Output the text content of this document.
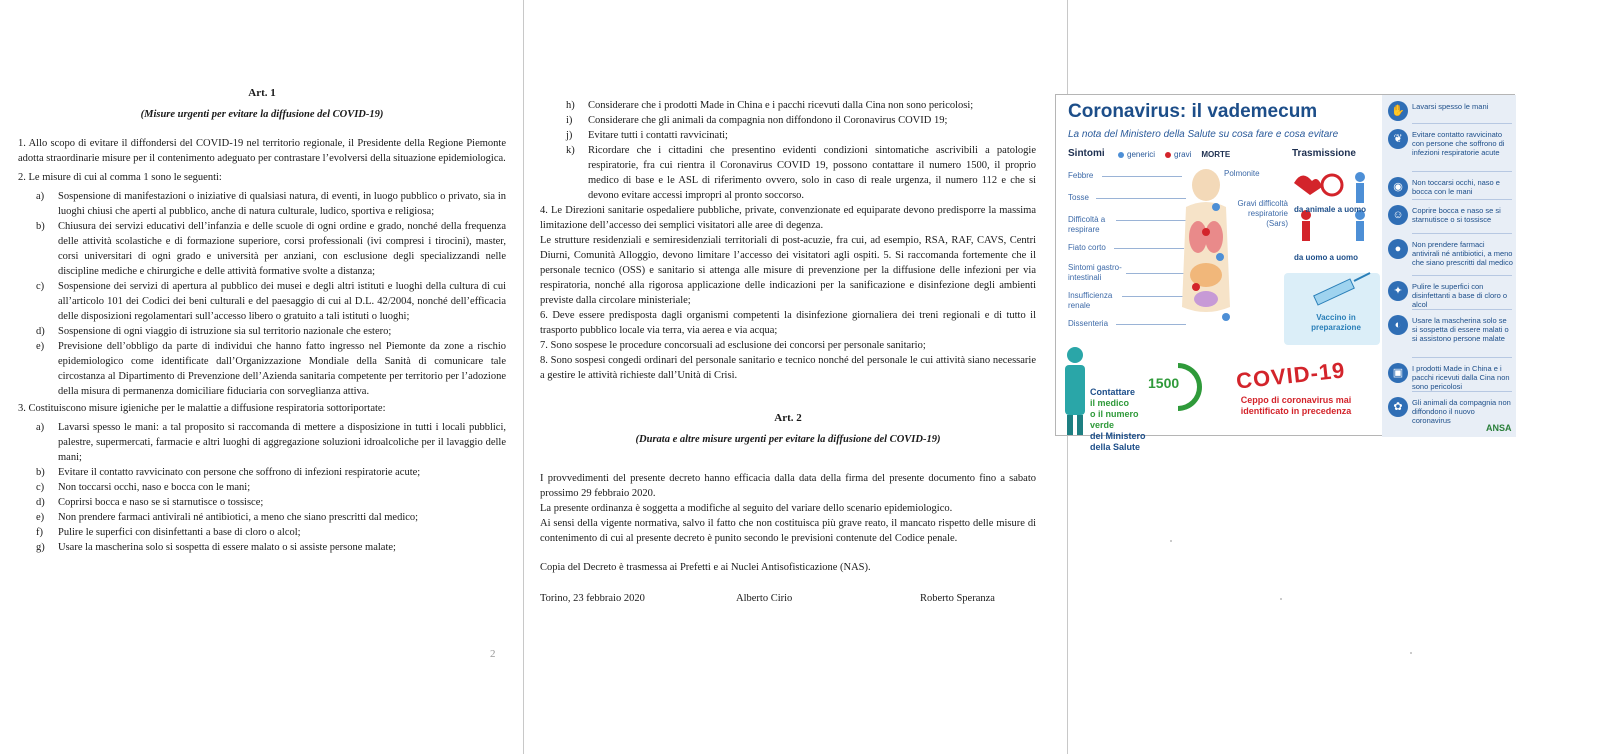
Art. 1
(Misure urgenti per evitare la diffusione del COVID-19)

1. Allo scopo di evitare il diffondersi del COVID-19 nel territorio regionale, il Presidente della Regione Piemonte adotta straordinarie misure per il contenimento adeguato per contrastare l’evolversi della situazione epidemiologica.

2. Le misure di cui al comma 1 sono le seguenti:

a)	Sospensione di manifestazioni o iniziative di qualsiasi natura, di eventi, in luogo pubblico o privato, sia in luoghi chiusi che aperti al pubblico, anche di natura culturale, ludico, sportiva e religiosa;
b)	Chiusura dei servizi educativi dell’infanzia e delle scuole di ogni ordine e grado, nonché della frequenza delle attività scolastiche e di formazione superiore, corsi professionali (ivi compresi i tirocini), master, corsi universitari di ogni grado e università per anziani, con esclusione degli specializzandi nelle discipline mediche e chirurgiche e delle attività formative svolte a distanza;
c)	Sospensione dei servizi di apertura al pubblico dei musei e degli altri istituti e luoghi della cultura di cui all’articolo 101 dei Codici dei beni culturali e del paesaggio di cui al D.L. 42/2004, nonché dell’efficacia delle disposizioni regolamentari sull’accesso libero o gratuito a tali istituti o luoghi;
d)	Sospensione di ogni viaggio di istruzione sia sul territorio nazionale che estero;
e)	Previsione dell’obbligo da parte di individui che hanno fatto ingresso nel Piemonte da zone a rischio epidemiologico come identificate dall’Organizzazione Mondiale della Sanità di comunicare tale circostanza al Dipartimento di Prevenzione dell’Azienda sanitaria competente per territorio per l’adozione della misura di permanenza domiciliare fiduciaria con sorveglianza attiva.

3. Costituiscono misure igieniche per le malattie a diffusione respiratoria sottoriportate:

a)	Lavarsi spesso le mani: a tal proposito si raccomanda di mettere a disposizione in tutti i locali pubblici, palestre, supermercati, farmacie e altri luoghi di aggregazione soluzioni idroalcoliche per il lavaggio delle mani;
b)	Evitare il contatto ravvicinato con persone che soffrono di infezioni respiratorie acute;
c)	Non toccarsi occhi, naso e bocca con le mani;
d)	Coprirsi bocca e naso se si starnutisce o tossisce;
e)	Non prendere farmaci antivirali né antibiotici, a meno che siano prescritti dal medico;
f)	Pulire le superfici con disinfettanti a base di cloro o alcol;
g)	Usare la mascherina solo si sospetta di essere malato o si assiste persone malate;
2
h)	Considerare che i prodotti Made in China e i pacchi ricevuti dalla Cina non sono pericolosi;
i)	Considerare che gli animali da compagnia non diffondono il Coronavirus COVID 19;
j)	Evitare tutti i contatti ravvicinati;
k)	Ricordare che i cittadini che presentino evidenti condizioni sintomatiche ascrivibili a patologie respiratorie, fra cui rientra il Coronavirus COVID 19, possono contattare il numero 1500, il proprio medico di base e le ASL di riferimento ovvero, solo in caso di reale urgenza, il numero 112 e che si devono evitare accessi impropri al pronto soccorso.

4. Le Direzioni sanitarie ospedaliere pubbliche, private, convenzionate ed equiparate devono predisporre la massima limitazione dell’accesso dei semplici visitatori alle aree di degenza.

Le strutture residenziali e semiresidenziali territoriali di post-acuzie, fra cui, ad esempio, RSA, RAF, CAVS, Centri Diurni, Comunità Alloggio, devono limitare l’accesso dei visitatori agli ospiti. 5. Si raccomanda fortemente che il personale tecnico (OSS) e sanitario si attenga alle misure di prevenzione per la diffusione delle infezioni per via respiratoria, nonché alla rigorosa applicazione delle indicazioni per la sanificazione e disinfezione degli ambienti previste dalla circolare ministeriale;

6. Deve essere predisposta dagli organismi competenti la disinfezione giornaliera dei treni regionali e di tutto il trasporto pubblico locale via terra, via aerea e via acqua;

7. Sono sospese le procedure concorsuali ad esclusione dei concorsi per personale sanitario;

8. Sono sospesi congedi ordinari del personale sanitario e tecnico nonché del personale le cui attività siano necessarie a gestire le attività richieste dall’Unità di Crisi.

Art. 2
(Durata e altre misure urgenti per evitare la diffusione del COVID-19)

I provvedimenti del presente decreto hanno efficacia dalla data della firma del presente documento fino a sabato prossimo 29 febbraio 2020.

La presente ordinanza è soggetta a modifiche al seguito del variare dello scenario epidemiologico.

Ai sensi della vigente normativa, salvo il fatto che non costituisca più grave reato, il mancato rispetto delle misure di contenimento di cui al presente decreto è punito secondo le previsioni contenute del Codice penale.

Copia del Decreto è trasmessa ai Prefetti e ai Nuclei Antisofisticazione (NAS).

Torino, 23 febbraio 2020	Alberto Cirio	Roberto Speranza
Coronavirus: il vademecum
La nota del Ministero della Salute su cosa fare e cosa evitare
Sintomi	generici	gravi MORTE	Trasmissione
Febbre
Tosse
Difficoltà a respirare
Fiato corto
Sintomi gastro-intestinali
Insufficienza renale
Dissenteria
Polmonite
Gravi difficoltà respiratorie (Sars)
da animale a uomo
da uomo a uomo
Vaccino in preparazione
Contattare
il medico
o il numero
verde
del Ministero
della Salute
1500	COVID-19
Ceppo di coronavirus mai identificato in precedenza
✋ Lavarsi spesso le mani
❦	Evitare contatto ravvicinato con persone che soffrono di infezioni respiratorie acute
◉	Non toccarsi occhi, naso e bocca con le mani
☺	Coprire bocca e naso se si starnutisce o si tossisce
●	Non prendere farmaci antivirali né antibiotici, a meno che siano prescritti dal medico
✦	Pulire le superfici con disinfettanti a base di cloro o alcol
◐	Usare la mascherina solo se si sospetta di essere malati o si assistono persone malate
▣	I prodotti Made in China e i pacchi ricevuti dalla Cina non sono pericolosi
✿	Gli animali da compagnia non diffondono il nuovo coronavirus
ANSA
